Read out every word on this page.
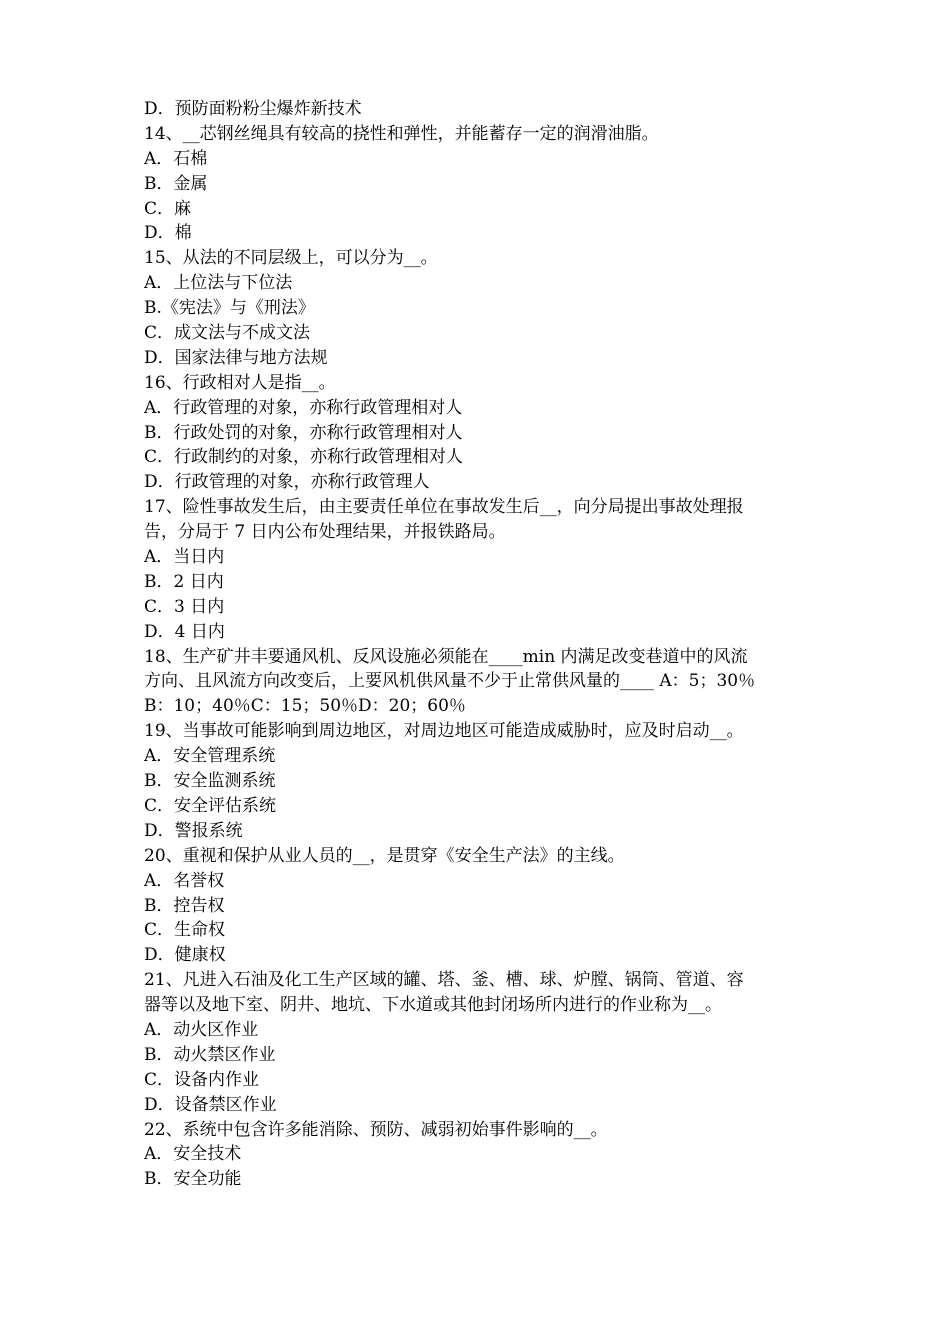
D．预防面粉粉尘爆炸新技术
14、__芯钢丝绳具有较高的挠性和弹性，并能蓄存一定的润滑油脂。
A．石棉
B．金属
C．麻
D．棉
15、从法的不同层级上，可以分为__。
A．上位法与下位法
B.《宪法》与《刑法》
C．成文法与不成文法
D．国家法律与地方法规
16、行政相对人是指__。
A．行政管理的对象，亦称行政管理相对人
B．行政处罚的对象，亦称行政管理相对人
C．行政制约的对象，亦称行政管理相对人
D．行政管理的对象，亦称行政管理人
17、险性事故发生后，由主要责任单位在事故发生后__，向分局提出事故处理报
告，分局于 7 日内公布处理结果，并报铁路局。
A．当日内
B．2 日内
C．3 日内
D．4 日内
18、生产矿井丰要通风机、反风设施必须能在____min 内满足改变巷道中的风流
方向、且风流方向改变后，上要风机供风量不少于止常供风量的____ A：5；30％
B：10；40％C：15；50％D：20；60％
19、当事故可能影响到周边地区，对周边地区可能造成威胁时，应及时启动__。
A．安全管理系统
B．安全监测系统
C．安全评估系统
D．警报系统
20、重视和保护从业人员的__，是贯穿《安全生产法》的主线。
A．名誉权
B．控告权
C．生命权
D．健康权
21、凡进入石油及化工生产区域的罐、塔、釜、槽、球、炉膛、锅筒、管道、容
器等以及地下室、阴井、地坑、下水道或其他封闭场所内进行的作业称为__。
A．动火区作业
B．动火禁区作业
C．设备内作业
D．设备禁区作业
22、系统中包含许多能消除、预防、减弱初始事件影响的__。
A．安全技术
B．安全功能
